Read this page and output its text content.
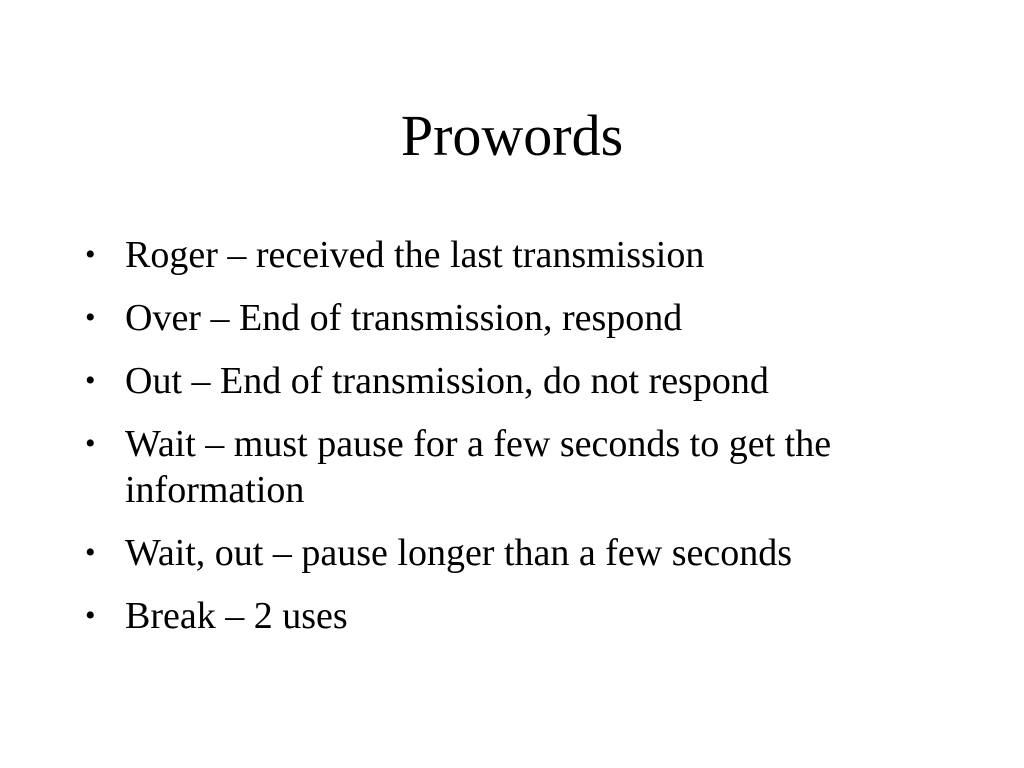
Prowords
• Roger – received the last transmission
• Over – End of transmission, respond
• Out – End of transmission, do not respond
• Wait – must pause for a few seconds to get the information
• Wait, out – pause longer than a few seconds
• Break – 2 uses
